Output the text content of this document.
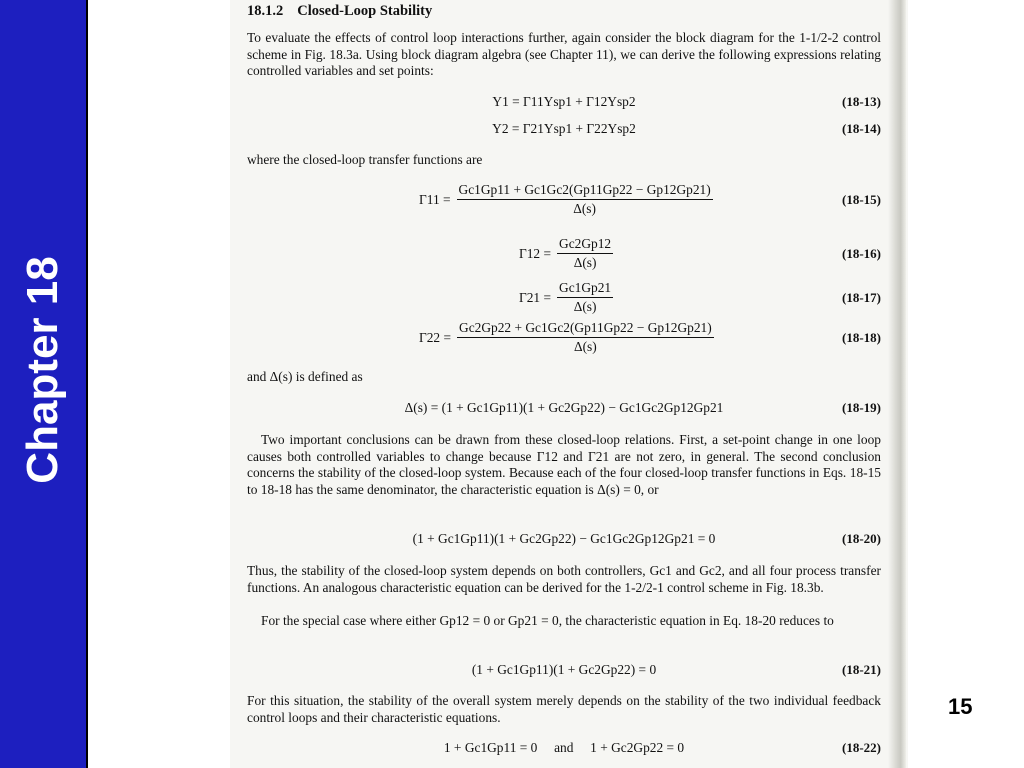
Chapter 18
18.1.2 Closed-Loop Stability

To evaluate the effects of control loop interactions further, again consider the block diagram for the 1-1/2-2 control scheme in Fig. 18.3a. Using block diagram algebra (see Chapter 11), we can derive the following expressions relating controlled variables and set points:

Y1 = Γ11Ysp1 + Γ12Ysp2	(18-13)
Y2 = Γ21Ysp1 + Γ22Ysp2	(18-14)

where the closed-loop transfer functions are

$\Gamma 11 = \frac{Gc1Gp11 + Gc1Gc2(Gp11Gp22 - Gp12Gp21)}{\Delta(s)}$	(18-15)
$\Gamma 12 = \frac{Gc2Gp12}{\Delta(s)}$	(18-16)
$\Gamma 21 = \frac{Gc1Gp21}{\Delta(s)}$	(18-17)
$\Gamma 22 = \frac{Gc2Gp22 + Gc1Gc2(Gp11Gp22 - Gp12Gp21)}{\Delta(s)}$	(18-18)

and Δ(s) is defined as

Δ(s) = (1 + Gc1Gp11)(1 + Gc2Gp22) − Gc1Gc2Gp12Gp21	(18-19)

Two important conclusions can be drawn from these closed-loop relations. First, a set-point change in one loop causes both controlled variables to change because Γ12 and Γ21 are not zero, in general. The second conclusion concerns the stability of the closed-loop system. Because each of the four closed-loop transfer functions in Eqs. 18-15 to 18-18 has the same denominator, the characteristic equation is Δ(s) = 0, or

(1 + Gc1Gp11)(1 + Gc2Gp22) − Gc1Gc2Gp12Gp21 = 0	(18-20)

Thus, the stability of the closed-loop system depends on both controllers, Gc1 and Gc2, and all four process transfer functions. An analogous characteristic equation can be derived for the 1-2/2-1 control scheme in Fig. 18.3b.

For the special case where either Gp12 = 0 or Gp21 = 0, the characteristic equation in Eq. 18-20 reduces to

(1 + Gc1Gp11)(1 + Gc2Gp22) = 0	(18-21)

For this situation, the stability of the overall system merely depends on the stability of the two individual feedback control loops and their characteristic equations.

1 + Gc1Gp11 = 0     and     1 + Gc2Gp22 = 0	(18-22)
15
